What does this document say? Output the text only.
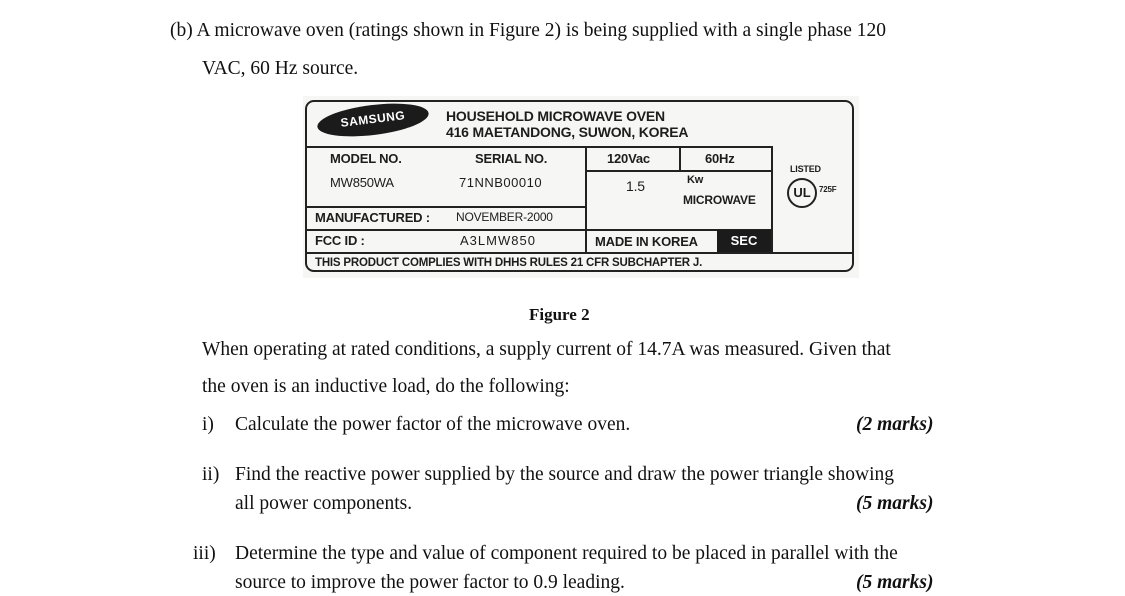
(b) A microwave oven (ratings shown in Figure 2) is being supplied with a single phase 120
VAC, 60 Hz source.
SAMSUNG	HOUSEHOLD MICROWAVE OVEN
416 MAETANDONG, SUWON, KOREA
MODEL NO.	SERIAL NO.	120Vac	60Hz
MW850WA	71NNB00010	1.5	Kw
MICROWAVE
LISTED
UL	725F
MANUFACTURED : NOVEMBER-2000
FCC ID :	A3LMW850	MADE IN KOREA	SEC
THIS PRODUCT COMPLIES WITH DHHS RULES 21 CFR SUBCHAPTER J.
Figure 2
When operating at rated conditions, a supply current of 14.7A was measured. Given that
the oven is an inductive load, do the following:
i) Calculate the power factor of the microwave oven.	(2 marks)
ii) Find the reactive power supplied by the source and draw the power triangle showing
all power components.	(5 marks)
iii) Determine the type and value of component required to be placed in parallel with the
source to improve the power factor to 0.9 leading.	(5 marks)
